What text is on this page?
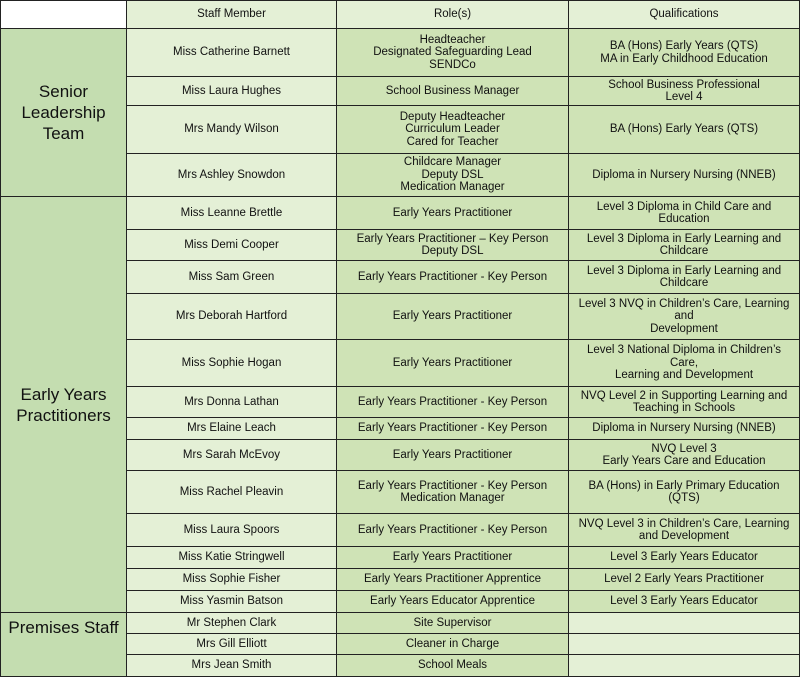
	Staff Member	Role(s)	Qualifications

Senior
Leadership
Team	Miss Catherine Barnett	Headteacher
Designated Safeguarding Lead
SENDCo	BA (Hons) Early Years (QTS)
MA in Early Childhood Education

	Miss Laura Hughes	School Business Manager	School Business Professional
Level 4

	Mrs Mandy Wilson	Deputy Headteacher
Curriculum Leader
Cared for Teacher	BA (Hons) Early Years (QTS)

	Mrs Ashley Snowdon	Childcare Manager
Deputy DSL
Medication Manager	Diploma in Nursery Nursing (NNEB)

Early Years
Practitioners	Miss Leanne Brettle	Early Years Practitioner	Level 3 Diploma in Child Care and
Education

	Miss Demi Cooper	Early Years Practitioner – Key Person
Deputy DSL	Level 3 Diploma in Early Learning and
Childcare

	Miss Sam Green	Early Years Practitioner - Key Person	Level 3 Diploma in Early Learning and
Childcare

	Mrs Deborah Hartford	Early Years Practitioner	Level 3 NVQ in Children’s Care, Learning
and
Development

	Miss Sophie Hogan	Early Years Practitioner	Level 3 National Diploma in Children’s
Care,
Learning and Development

	Mrs Donna Lathan	Early Years Practitioner - Key Person	NVQ Level 2 in Supporting Learning and
Teaching in Schools

	Mrs Elaine Leach	Early Years Practitioner - Key Person	Diploma in Nursery Nursing (NNEB)

	Mrs Sarah McEvoy	Early Years Practitioner	NVQ Level 3
Early Years Care and Education

	Miss Rachel Pleavin	Early Years Practitioner - Key Person
Medication Manager	BA (Hons) in Early Primary Education
(QTS)

	Miss Laura Spoors	Early Years Practitioner - Key Person	NVQ Level 3 in Children’s Care, Learning
and Development

	Miss Katie Stringwell	Early Years Practitioner	Level 3 Early Years Educator

	Miss Sophie Fisher	Early Years Practitioner Apprentice	Level 2 Early Years Practitioner

	Miss Yasmin Batson	Early Years Educator Apprentice	Level 3 Early Years Educator

Premises Staff	Mr Stephen Clark	Site Supervisor	

	Mrs Gill Elliott	Cleaner in Charge	

	Mrs Jean Smith	School Meals	
